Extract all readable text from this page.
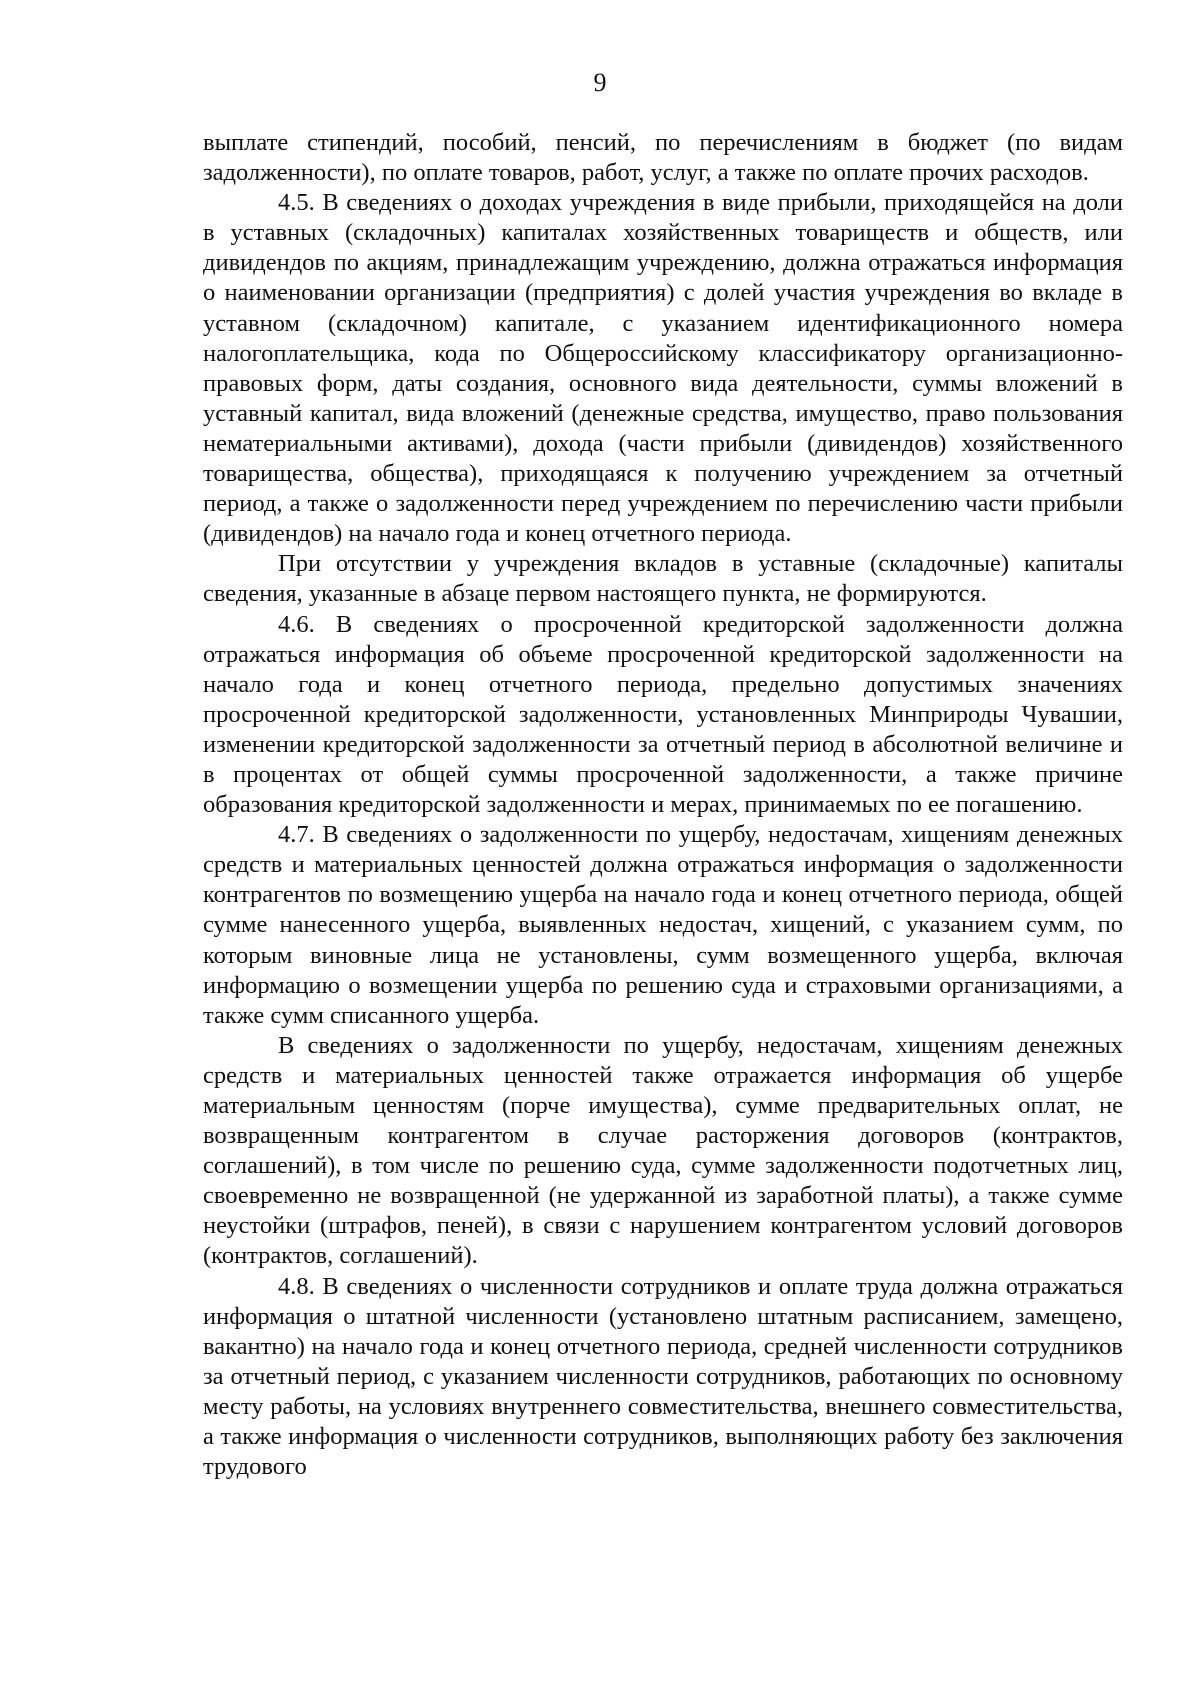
9

выплате стипендий, пособий, пенсий, по перечислениям в бюджет (по видам задолженности), по оплате товаров, работ, услуг, а также по оплате прочих расходов.

4.5. В сведениях о доходах учреждения в виде прибыли, приходящейся на доли в уставных (складочных) капиталах хозяйственных товариществ и обществ, или дивидендов по акциям, принадлежащим учреждению, должна отражаться информация о наименовании организации (предприятия) с долей участия учреждения во вкладе в уставном (складочном) капитале, с указанием идентификационного номера налогоплательщика, кода по Общероссийскому классификатору организационно-правовых форм, даты создания, основного вида деятельности, суммы вложений в уставный капитал, вида вложений (денежные средства, имущество, право пользования нематериальными активами), дохода (части прибыли (дивидендов) хозяйственного товарищества, общества), приходящаяся к получению учреждением за отчетный период, а также о задолженности перед учреждением по перечислению части прибыли (дивидендов) на начало года и конец отчетного периода.

При отсутствии у учреждения вкладов в уставные (складочные) капиталы сведения, указанные в абзаце первом настоящего пункта, не формируются.

4.6. В сведениях о просроченной кредиторской задолженности должна отражаться информация об объеме просроченной кредиторской задолженности на начало года и конец отчетного периода, предельно допустимых значениях просроченной кредиторской задолженности, установленных Минприроды Чувашии, изменении кредиторской задолженности за отчетный период в абсолютной величине и в процентах от общей суммы просроченной задолженности, а также причине образования кредиторской задолженности и мерах, принимаемых по ее погашению.

4.7. В сведениях о задолженности по ущербу, недостачам, хищениям денежных средств и материальных ценностей должна отражаться информация о задолженности контрагентов по возмещению ущерба на начало года и конец отчетного периода, общей сумме нанесенного ущерба, выявленных недостач, хищений, с указанием сумм, по которым виновные лица не установлены, сумм возмещенного ущерба, включая информацию о возмещении ущерба по решению суда и страховыми организациями, а также сумм списанного ущерба.

В сведениях о задолженности по ущербу, недостачам, хищениям денежных средств и материальных ценностей также отражается информация об ущербе материальным ценностям (порче имущества), сумме предварительных оплат, не возвращенным контрагентом в случае расторжения договоров (контрактов, соглашений), в том числе по решению суда, сумме задолженности подотчетных лиц, своевременно не возвращенной (не удержанной из заработной платы), а также сумме неустойки (штрафов, пеней), в связи с нарушением контрагентом условий договоров (контрактов, соглашений).

4.8. В сведениях о численности сотрудников и оплате труда должна отражаться информация о штатной численности (установлено штатным расписанием, замещено, вакантно) на начало года и конец отчетного периода, средней численности сотрудников за отчетный период, с указанием численности сотрудников, работающих по основному месту работы, на условиях внутреннего совместительства, внешнего совместительства, а также информация о численности сотрудников, выполняющих работу без заключения трудового
